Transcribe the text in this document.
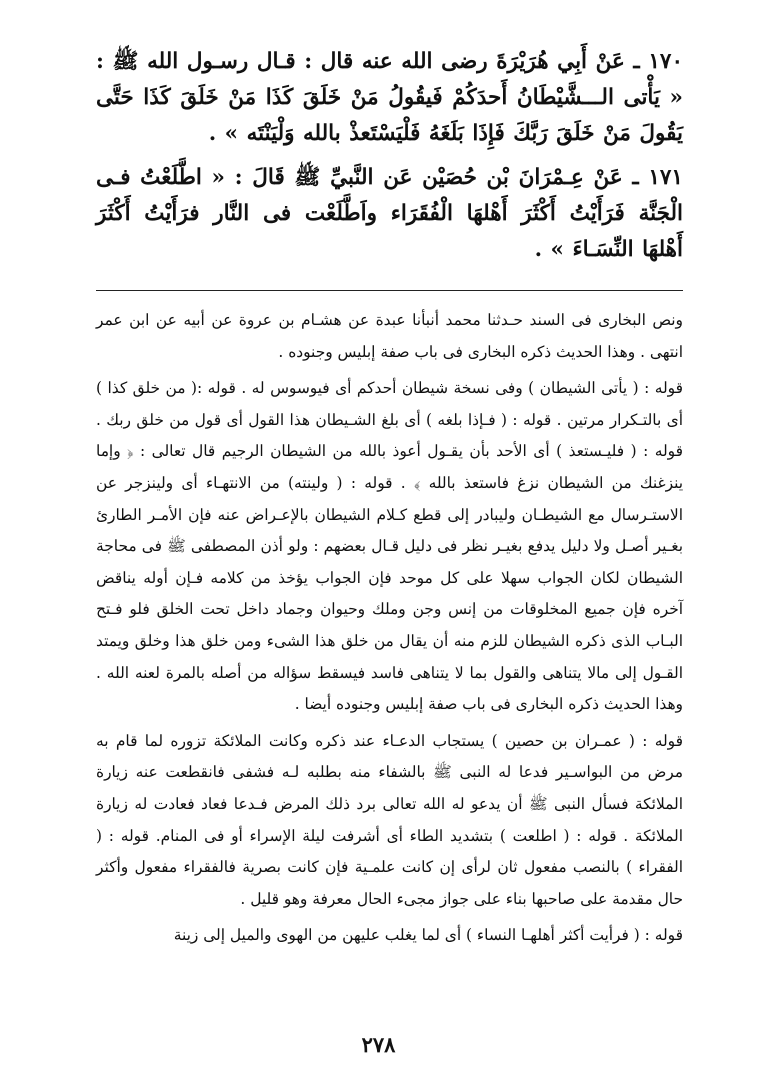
١٧٠ ـ عَنْ أَبِي هُرَيْرَةَ رضى الله عنه قال : قـال رسـول الله ﷺ : « يَأْتى الـــشَّيْطَانُ أَحدَكُمْ فَيقُولُ مَنْ خَلَقَ كَذَا مَنْ خَلَقَ كَذَا حَتَّى يَقُولَ مَنْ خَلَقَ رَبَّكَ فَإِذَا بَلَغَهُ فَلْيَسْتَعذْ بالله وَلْيَنْتَه » .
١٧١ ـ عَنْ عِـمْرَانَ بْن حُصَيْن عَن النَّبيِّ ﷺ قَالَ : « اطَّلَعْتُ فـى الْجَنَّة فَرَأَيْتُ أَكْثَرَ أَهْلهَا الْفُقَرَاء واَطَّلَعْت فى النَّار فرَأَيْتُ أَكْثَرَ أَهْلهَا النِّسَـاءَ » .

ونص البخارى فى السند حـدثنا محمد أنبأنا عبدة عن هشـام بن عروة عن أبيه عن ابن عمر انتهى . وهذا الحديث ذكره البخارى فى باب صفة إبليس وجنوده .

قوله : ( يأتى الشيطان ) وفى نسخة شيطان أحدكم أى فيوسوس له . قوله :( من خلق كذا ) أى بالتـكرار مرتين . قوله : ( فـإذا بلغه ) أى بلغ الشـيطان هذا القول أى قول من خلق ربك . قوله : ( فليـستعذ ) أى الأحد بأن يقـول أعوذ بالله من الشيطان الرجيم قال تعالى : ﴿ وإما ينزغنك من الشيطان نزغ فاستعذ بالله ﴾ . قوله : ( ولينته) من الانتهـاء أى ولينزجر عن الاستـرسال مع الشيطـان وليبادر إلى قطع كـلام الشيطان بالإعـراض عنه فإن الأمـر الطارئ بغـير أصـل ولا دليل يدفع بغيـر نظر فى دليل قـال بعضهم : ولو أذن المصطفى ﷺ فى محاجة الشيطان لكان الجواب سهلا على كل موحد فإن الجواب يؤخذ من كلامه فـإن أوله يناقض آخره فإن جميع المخلوقات من إنس وجن وملك وحيوان وجماد داخل تحت الخلق فلو فـتح البـاب الذى ذكره الشيطان للزم منه أن يقال من خلق هذا الشىء ومن خلق هذا وخلق ويمتد القـول إلى مالا يتناهى والقول بما لا يتناهى فاسد فيسقط سؤاله من أصله بالمرة لعنه الله . وهذا الحديث ذكره البخارى فى باب صفة إبليس وجنوده أيضا .

قوله : ( عمـران بن حصين ) يستجاب الدعـاء عند ذكره وكانت الملائكة تزوره لما قام به مرض من البواسـير فدعا له النبى ﷺ بالشفاء منه بطلبه لـه فشفى فانقطعت عنه زيارة الملائكة فسأل النبى ﷺ أن يدعو له الله تعالى برد ذلك المرض فـدعا فعاد فعادت له زيارة الملائكة . قوله : ( اطلعت ) بتشديد الطاء أى أشرفت ليلة الإسراء أو فى المنام. قوله : ( الفقراء ) بالنصب مفعول ثان لرأى إن كانت علمـية فإن كانت بصرية فالفقراء مفعول وأكثر حال مقدمة على صاحبها بناء على جواز مجىء الحال معرفة وهو قليل .

قوله : ( فرأيت أكثر أهلهـا النساء ) أى لما يغلب عليهن من الهوى والميل إلى زينة

٢٧٨
